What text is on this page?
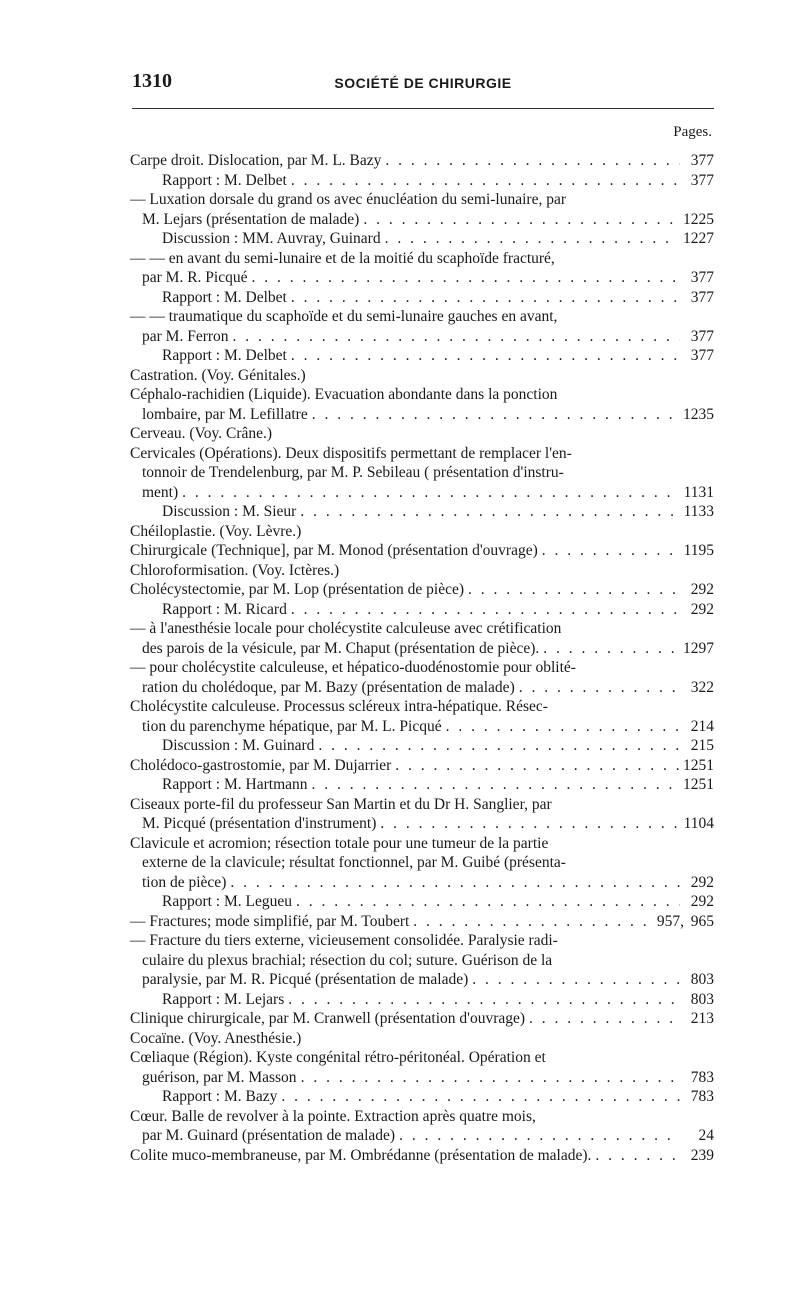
1310	SOCIÉTÉ DE CHIRURGIE
Pages.
Carpe droit. Dislocation, par M. L. Bazy . . .	377
Rapport : M. Delbet . . .	377
— Luxation dorsale du grand os avec énucléation du semi-lunaire, par
M. Lejars (présentation de malade) . . .	1225
Discussion : MM. Auvray, Guinard . . .	1227
— — en avant du semi-lunaire et de la moitié du scaphoïde fracturé,
par M. R. Picqué . . .	377
Rapport : M. Delbet . . .	377
— — traumatique du scaphoïde et du semi-lunaire gauches en avant,
par M. Ferron . . .	377
Rapport : M. Delbet . . .	377
Castration. (Voy. Génitales.)
Céphalo-rachidien (Liquide). Evacuation abondante dans la ponction
lombaire, par M. Lefillatre . . .	1235
Cerveau. (Voy. Crâne.)
Cervicales (Opérations). Deux dispositifs permettant de remplacer l'en-
tonnoir de Trendelenburg, par M. P. Sebileau ( présentation d'instru-
ment) . . .	1131
Discussion : M. Sieur . . .	1133
Chéiloplastie. (Voy. Lèvre.)
Chirurgicale (Technique], par M. Monod (présentation d'ouvrage) . . .	1195
Chloroformisation. (Voy. Ictères.)
Cholécystectomie, par M. Lop (présentation de pièce) . . .	292
Rapport : M. Ricard . . .	292
— à l'anesthésie locale pour cholécystite calculeuse avec crétification
des parois de la vésicule, par M. Chaput (présentation de pièce). . . .	1297
— pour cholécystite calculeuse, et hépatico-duodénostomie pour oblité-
ration du cholédoque, par M. Bazy (présentation de malade) . . .	322
Cholécystite calculeuse. Processus scléreux intra-hépatique. Résec-
tion du parenchyme hépatique, par M. L. Picqué . . .	214
Discussion : M. Guinard . . .	215
Cholédoco-gastrostomie, par M. Dujarrier . . .	1251
Rapport : M. Hartmann . . .	1251
Ciseaux porte-fil du professeur San Martin et du Dr H. Sanglier, par
M. Picqué (présentation d'instrument) . . .	1104
Clavicule et acromion; résection totale pour une tumeur de la partie
externe de la clavicule; résultat fonctionnel, par M. Guibé (présenta-
tion de pièce) . . .	292
Rapport : M. Legueu . . .	292
— Fractures; mode simplifié, par M. Toubert . . .	957, 965
— Fracture du tiers externe, vicieusement consolidée. Paralysie radi-
culaire du plexus brachial; résection du col; suture. Guérison de la
paralysie, par M. R. Picqué (présentation de malade) . . .	803
Rapport : M. Lejars . . .	803
Clinique chirurgicale, par M. Cranwell (présentation d'ouvrage) . . .	213
Cocaïne. (Voy. Anesthésie.)
Cœliaque (Région). Kyste congénital rétro-péritonéal. Opération et
guérison, par M. Masson . . .	783
Rapport : M. Bazy . . .	783
Cœur. Balle de revolver à la pointe. Extraction après quatre mois,
par M. Guinard (présentation de malade) . . .	24
Colite muco-membraneuse, par M. Ombrédanne (présentation de malade). . . .	239
